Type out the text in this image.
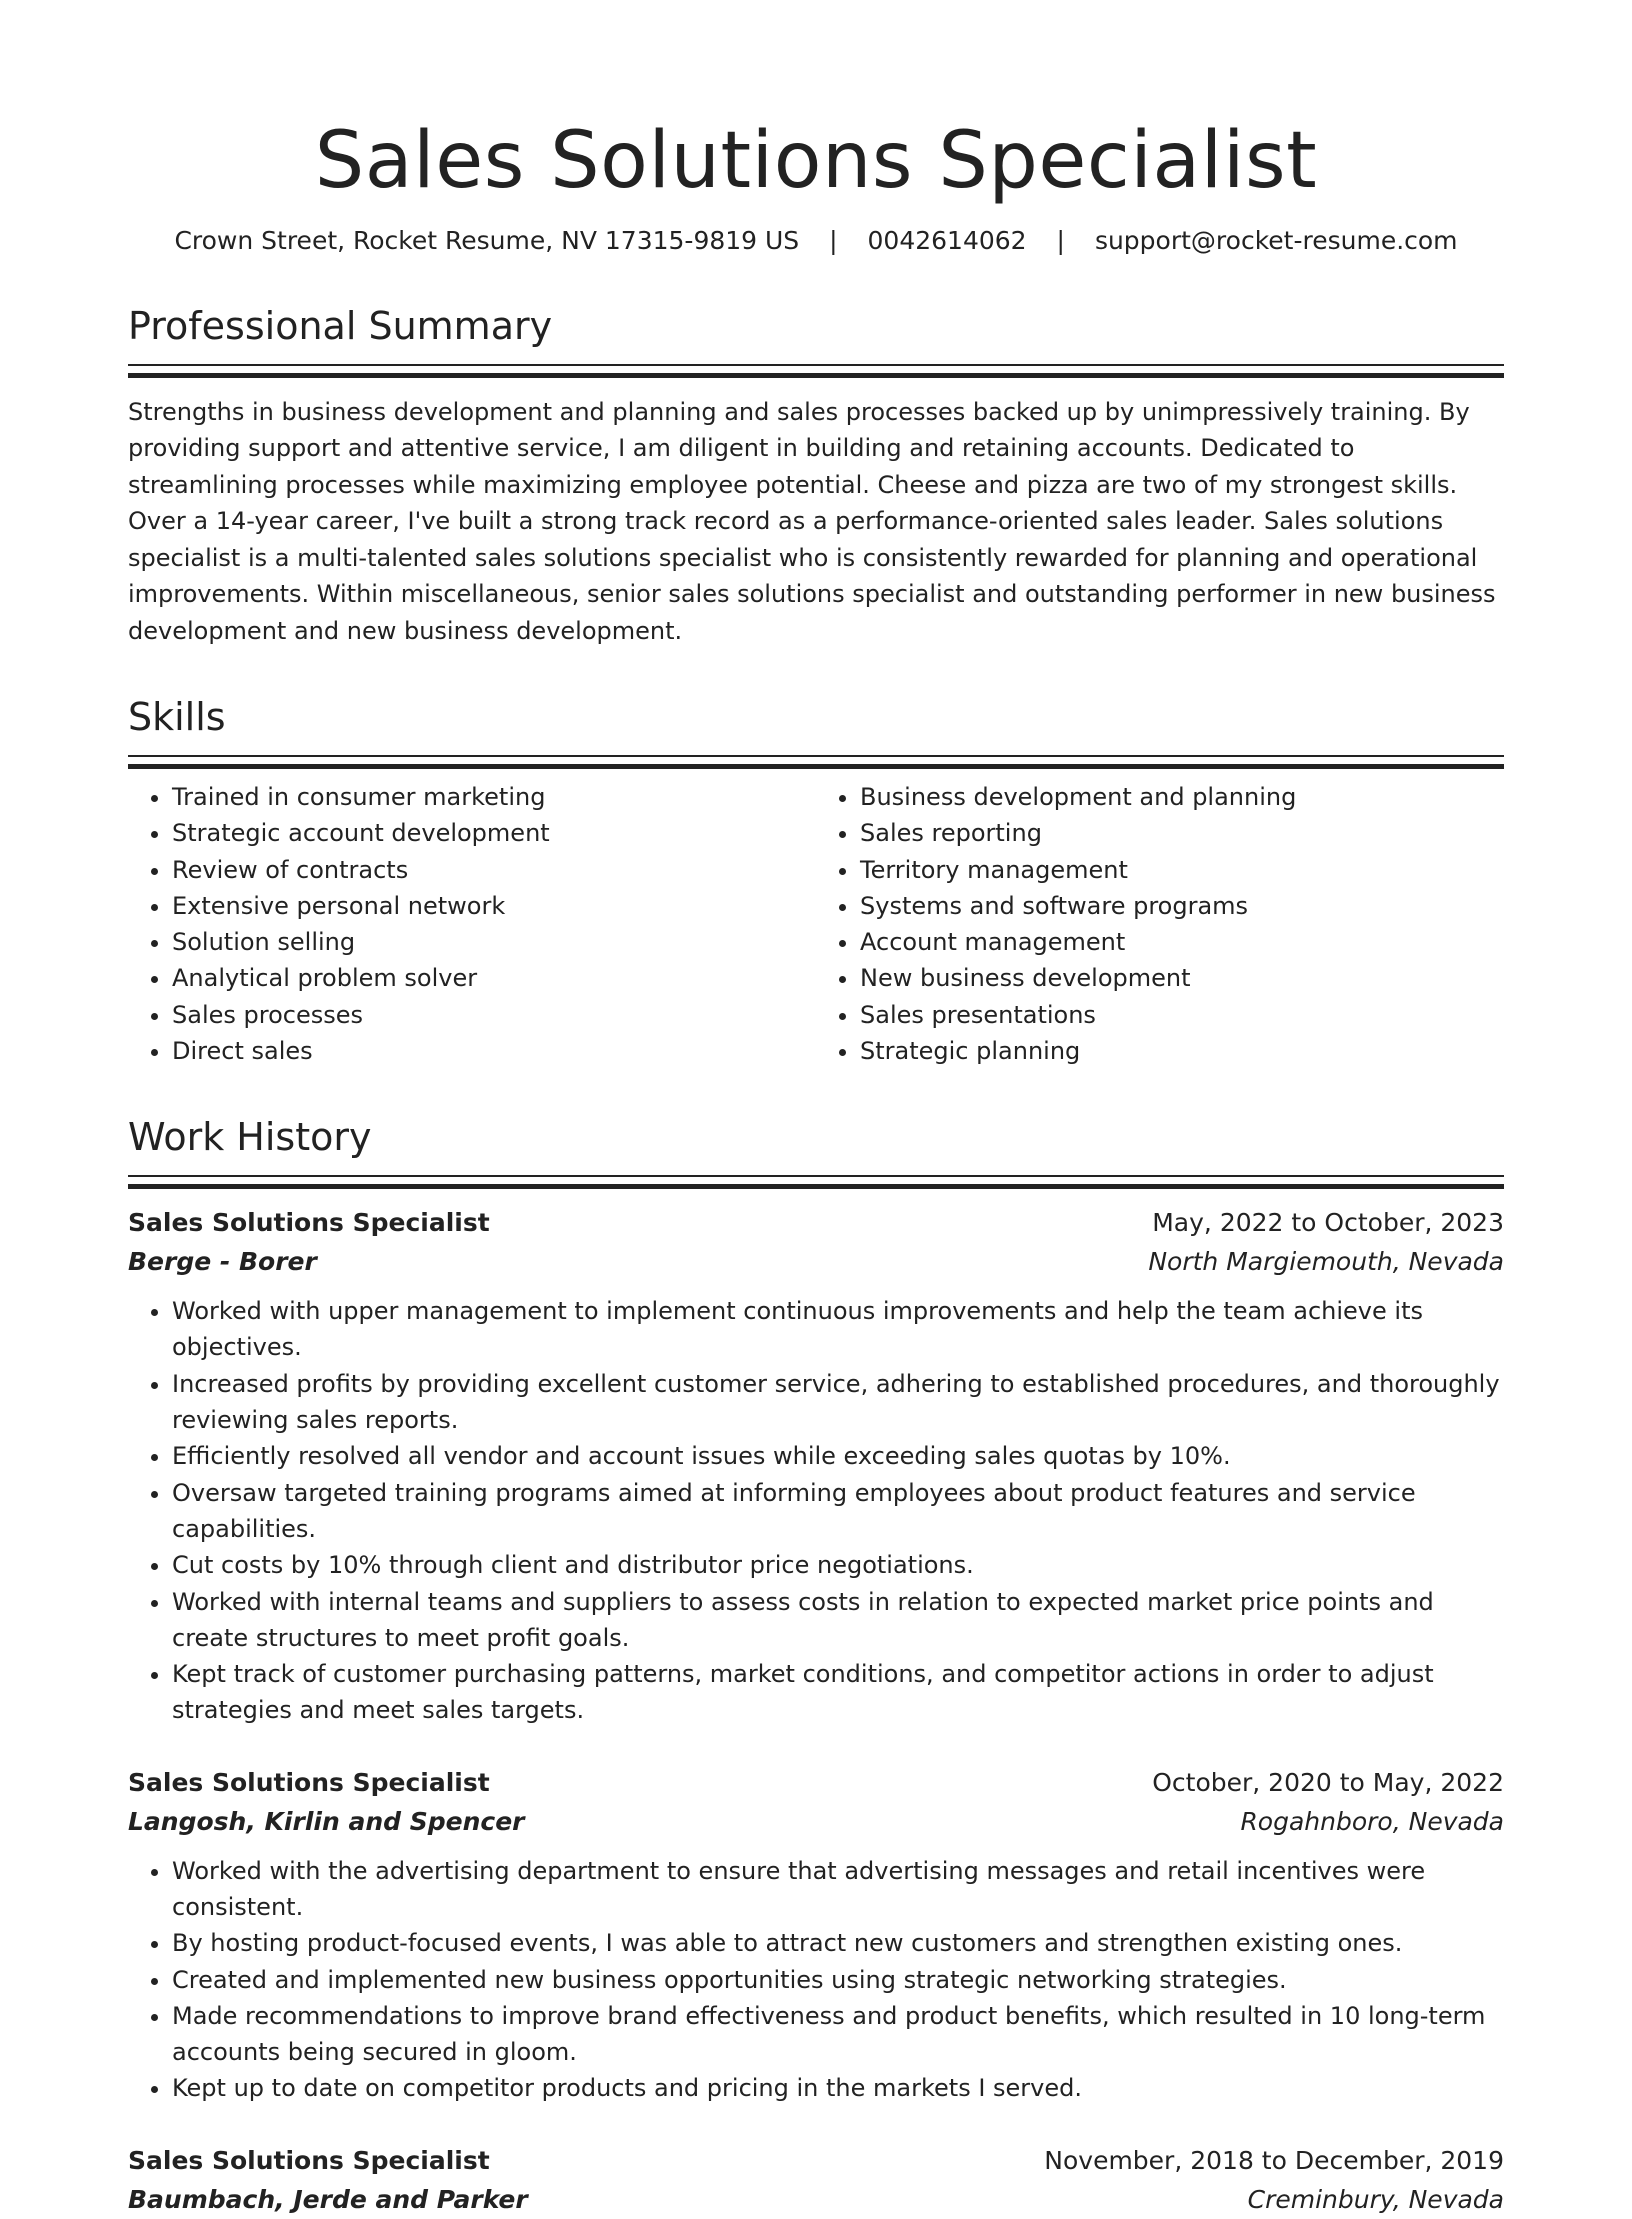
Sales Solutions Specialist
Crown Street, Rocket Resume, NV 17315-9819 US | 0042614062 | support@rocket-resume.com
Professional Summary

Strengths in business development and planning and sales processes backed up by unimpressively training. By providing support and attentive service, I am diligent in building and retaining accounts. Dedicated to streamlining processes while maximizing employee potential. Cheese and pizza are two of my strongest skills. Over a 14-year career, I've built a strong track record as a performance-oriented sales leader. Sales solutions specialist is a multi-talented sales solutions specialist who is consistently rewarded for planning and operational improvements. Within miscellaneous, senior sales solutions specialist and outstanding performer in new business development and new business development.

Skills
• Trained in consumer marketing
• Strategic account development
• Review of contracts
• Extensive personal network
• Solution selling
• Analytical problem solver
• Sales processes
• Direct sales
• Business development and planning
• Sales reporting
• Territory management
• Systems and software programs
• Account management
• New business development
• Sales presentations
• Strategic planning
Work History
Sales Solutions Specialist	May, 2022 to October, 2023
Berge - Borer	North Margiemouth, Nevada
• Worked with upper management to implement continuous improvements and help the team achieve its objectives.
• Increased profits by providing excellent customer service, adhering to established procedures, and thoroughly reviewing sales reports.
• Efficiently resolved all vendor and account issues while exceeding sales quotas by 10%.
• Oversaw targeted training programs aimed at informing employees about product features and service capabilities.
• Cut costs by 10% through client and distributor price negotiations.
• Worked with internal teams and suppliers to assess costs in relation to expected market price points and create structures to meet profit goals.
• Kept track of customer purchasing patterns, market conditions, and competitor actions in order to adjust strategies and meet sales targets.
Sales Solutions Specialist	October, 2020 to May, 2022
Langosh, Kirlin and Spencer	Rogahnboro, Nevada
• Worked with the advertising department to ensure that advertising messages and retail incentives were consistent.
• By hosting product-focused events, I was able to attract new customers and strengthen existing ones.
• Created and implemented new business opportunities using strategic networking strategies.
• Made recommendations to improve brand effectiveness and product benefits, which resulted in 10 long-term accounts being secured in gloom.
• Kept up to date on competitor products and pricing in the markets I served.
Sales Solutions Specialist	November, 2018 to December, 2019
Baumbach, Jerde and Parker	Creminbury, Nevada
